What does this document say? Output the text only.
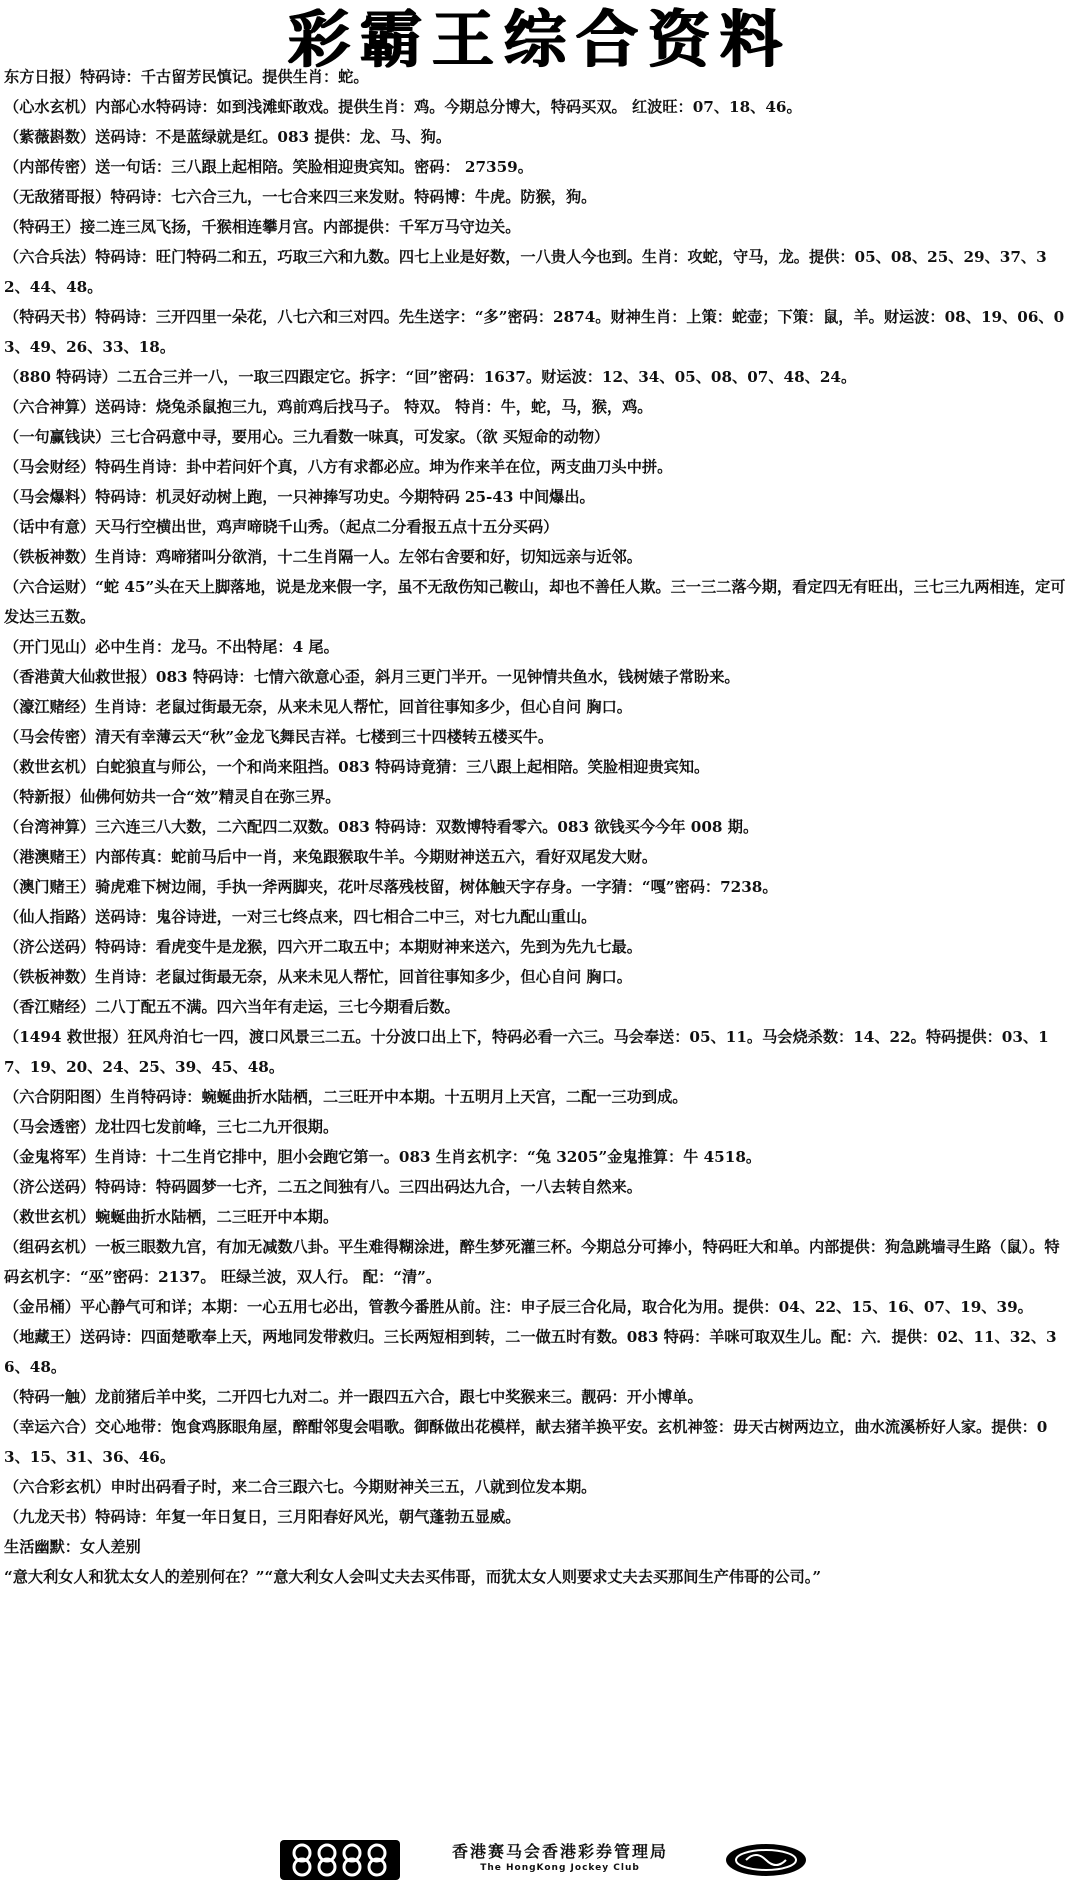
彩霸王综合资料

东方日报）特码诗：千古留芳民慎记。提供生肖：蛇。

（心水玄机）内部心水特码诗：如到浅滩虾敢戏。提供生肖：鸡。今期总分博大，特码买双。 红波旺：07、18、46。

（紫薇斟数）送码诗：不是蓝绿就是红。083 提供：龙、马、狗。

（内部传密）送一句话：三八跟上起相陪。笑脸相迎贵宾知。密码： 27359。

（无敌猪哥报）特码诗：七六合三九，一七合来四三来发财。特码博：牛虎。防猴，狗。

（特码王）接二连三凤飞扬，千猴相连攀月宫。内部提供：千军万马守边关。

（六合兵法）特码诗：旺门特码二和五，巧取三六和九数。四七上业是好数，一八贵人今也到。生肖：攻蛇，守马，龙。提供：05、08、25、29、37、32、44、48。

（特码天书）特码诗：三开四里一朵花，八七六和三对四。先生送字：“多”密码：2874。财神生肖：上策：蛇壶；下策：鼠，羊。财运波：08、19、06、03、49、26、33、18。

（880 特码诗）二五合三并一八，一取三四跟定它。拆字：“回”密码：1637。财运波：12、34、05、08、07、48、24。

（六合神算）送码诗：烧兔杀鼠抱三九，鸡前鸡后找马子。 特双。 特肖：牛，蛇，马，猴，鸡。

（一句赢钱诀）三七合码意中寻，要用心。三九看数一味真，可发家。（欲 买短命的动物）

（马会财经）特码生肖诗：卦中若问奸个真，八方有求都必应。坤为作来羊在位，两支曲刀头中拼。

（马会爆料）特码诗：机灵好动树上跑，一只神捧写功史。今期特码 25-43 中间爆出。

（话中有意）天马行空横出世，鸡声啼晓千山秀。（起点二分看报五点十五分买码）

（铁板神数）生肖诗：鸡啼猪叫分欲消，十二生肖隔一人。左邻右舍要和好，切知远亲与近邻。

（六合运财）“蛇 45”头在天上脚落地，说是龙来假一字，虽不无敌伤知己鞍山，却也不善任人欺。三一三二落今期，看定四无有旺出，三七三九两相连，定可发达三五数。

（开门见山）必中生肖：龙马。不出特尾：4 尾。

（香港黄大仙救世报）083 特码诗：七情六欲意心歪，斜月三更门半开。一见钟情共鱼水，钱树婊子常盼来。

（濠江赌经）生肖诗：老鼠过街最无奈，从来未见人帮忙，回首往事知多少，但心自问 胸口。

（马会传密）清天有幸薄云天“秋”金龙飞舞民吉祥。七楼到三十四楼转五楼买牛。

（救世玄机）白蛇狼直与师公，一个和尚来阻挡。083 特码诗竟猜：三八跟上起相陪。笑脸相迎贵宾知。

（特新报）仙佛何妨共一合“效”精灵自在弥三界。

（台湾神算）三六连三八大数，二六配四二双数。083 特码诗：双数博特看零六。083 欲钱买今今年 008 期。

（港澳赌王）内部传真：蛇前马后中一肖，来兔跟猴取牛羊。今期财神送五六，看好双尾发大财。

（澳门赌王）骑虎难下树边闹，手执一斧两脚夹，花叶尽落残枝留，树体触天字存身。一字猜：“嘎”密码：7238。

（仙人指路）送码诗：鬼谷诗进，一对三七终点来，四七相合二中三，对七九配山重山。

（济公送码）特码诗：看虎变牛是龙猴，四六开二取五中；本期财神来送六，先到为先九七最。

（铁板神数）生肖诗：老鼠过街最无奈，从来未见人帮忙，回首往事知多少，但心自问 胸口。

（香江赌经）二八丁配五不满。四六当年有走运，三七今期看后数。

（1494 救世报）狂风舟泊七一四，渡口风景三二五。十分波口出上下，特码必看一六三。马会奉送：05、11。马会烧杀数：14、22。特码提供：03、17、19、20、24、25、39、45、48。

（六合阴阳图）生肖特码诗：蜿蜒曲折水陆栖，二三旺开中本期。十五明月上天宫，二配一三功到成。

（马会透密）龙壮四七发前峰，三七二九开很期。

（金鬼将军）生肖诗：十二生肖它排中，胆小会跑它第一。083 生肖玄机字：“兔 3205”金鬼推算：牛 4518。

（济公送码）特码诗：特码圆梦一七齐，二五之间独有八。三四出码达九合，一八去转自然来。

（救世玄机）蜿蜒曲折水陆栖，二三旺开中本期。

（组码玄机）一板三眼数九宫，有加无减数八卦。平生难得糊涂进，醉生梦死灌三杯。今期总分可捧小，特码旺大和单。内部提供：狗急跳墙寻生路（鼠）。特码玄机字：“巫”密码：2137。 旺绿兰波，双人行。 配：“清”。

（金吊桶）平心静气可和详；本期：一心五用七必出，管教今番胜从前。注：申子辰三合化局，取合化为用。提供：04、22、15、16、07、19、39。

（地藏王）送码诗：四面楚歌奉上天，两地同发带救归。三长两短相到转，二一做五时有数。083 特码：羊咪可取双生儿。配：六．提供：02、11、32、36、48。

（特码一触）龙前猪后羊中奖，二开四七九对二。并一跟四五六合，跟七中奖猴来三。靓码：开小博单。

（幸运六合）交心地带：饱食鸡豚眼角屋，醉酣邻叟会唱歌。御酥做出花模样，献去猪羊换平安。玄机神签：毋天古树两边立，曲水流溪桥好人家。提供：03、15、31、36、46。

（六合彩玄机）申时出码看子时，来二合三跟六七。今期财神关三五，八就到位发本期。

（九龙天书）特码诗：年复一年日复日，三月阳春好风光，朝气蓬勃五显威。

生活幽默：女人差别

“意大利女人和犹太女人的差别何在？”“意大利女人会叫丈夫去买伟哥，而犹太女人则要求丈夫去买那间生产伟哥的公司。”

香港赛马会香港彩券管理局
The HongKong Jockey Club
